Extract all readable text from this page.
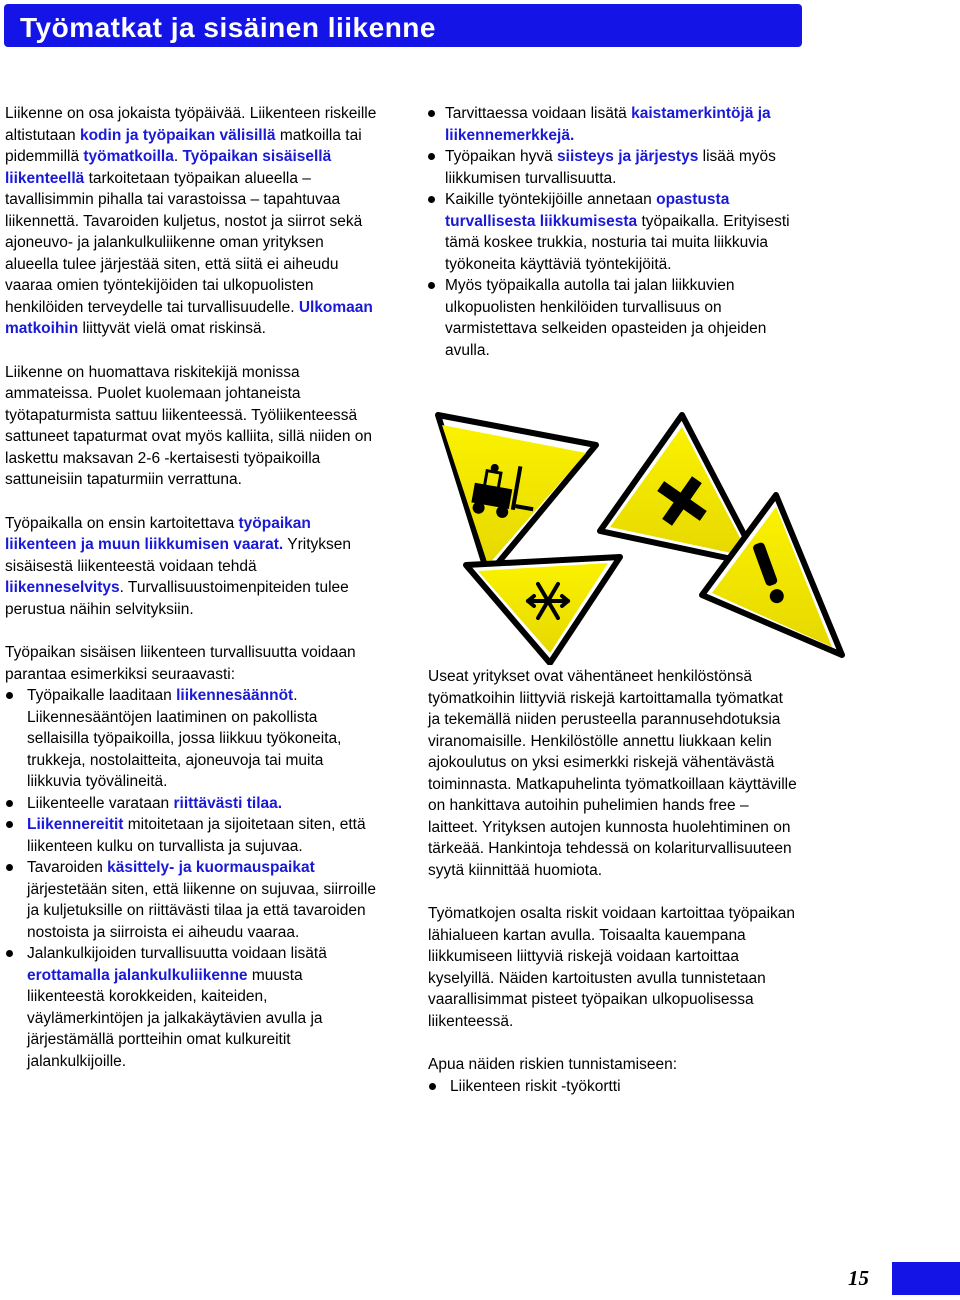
Työmatkat ja sisäinen liikenne

Liikenne on osa jokaista työpäivää. Liikenteen riskeille altistutaan kodin ja työpaikan välisillä matkoilla tai pidemmillä työmatkoilla. Työpaikan sisäisellä liikenteellä tarkoitetaan työpaikan alueella – tavallisimmin pihalla tai varastoissa – tapahtuvaa liikennettä. Tavaroiden kuljetus, nostot ja siirrot sekä ajoneuvo- ja jalankulkuliikenne oman yrityksen alueella tulee järjestää siten, että siitä ei aiheudu vaaraa omien työntekijöiden tai ulkopuolisten henkilöiden terveydelle tai turvallisuudelle. Ulkomaan matkoihin liittyvät vielä omat riskinsä.

Liikenne on huomattava riskitekijä monissa ammateissa. Puolet kuolemaan johtaneista työtapaturmista sattuu liikenteessä. Työliikenteessä sattuneet tapaturmat ovat myös kalliita, sillä niiden on laskettu maksavan 2-6 -kertaisesti työpaikoilla sattuneisiin tapaturmiin verrattuna.

Työpaikalla on ensin kartoitettava työpaikan liikenteen ja muun liikkumisen vaarat. Yrityksen sisäisestä liikenteestä voidaan tehdä liikenneselvitys. Turvallisuustoimenpiteiden tulee perustua näihin selvityksiin.

Työpaikan sisäisen liikenteen turvallisuutta voidaan parantaa esimerkiksi seuraavasti:

Työpaikalle laaditaan liikennesäännöt. Liikennesääntöjen laatiminen on pakollista sellaisilla työpaikoilla, jossa liikkuu työkoneita, trukkeja, nostolaitteita, ajoneuvoja tai muita liikkuvia työvälineitä.
Liikenteelle varataan riittävästi tilaa.
Liikennereitit mitoitetaan ja sijoitetaan siten, että liikenteen kulku on turvallista ja sujuvaa.
Tavaroiden käsittely- ja kuormauspaikat järjestetään siten, että liikenne on sujuvaa, siirroille ja kuljetuksille on riittävästi tilaa ja että tavaroiden nostoista ja siirroista ei aiheudu vaaraa.
Jalankulkijoiden turvallisuutta voidaan lisätä erottamalla jalankulkuliikenne muusta liikenteestä korokkeiden, kaiteiden, väylämerkintöjen ja jalkakäytävien avulla ja järjestämällä portteihin omat kulkureitit jalankulkijoille.
Tarvittaessa voidaan lisätä kaistamerkintöjä ja liikennemerkkejä.
Työpaikan hyvä siisteys ja järjestys lisää myös liikkumisen turvallisuutta.
Kaikille työntekijöille annetaan opastusta turvallisesta liikkumisesta työpaikalla. Erityisesti tämä koskee trukkia, nosturia tai muita liikkuvia työkoneita käyttäviä työntekijöitä.
Myös työpaikalla autolla tai jalan liikkuvien ulkopuolisten henkilöiden turvallisuus on varmistettava selkeiden opasteiden ja ohjeiden avulla.

Useat yritykset ovat vähentäneet henkilöstönsä työmatkoihin liittyviä riskejä kartoittamalla työmatkat ja tekemällä niiden perusteella parannusehdotuksia viranomaisille. Henkilöstölle annettu liukkaan kelin ajokoulutus on yksi esimerkki riskejä vähentävästä toiminnasta. Matkapuhelinta työmatkoillaan käyttäville on hankittava autoihin puhelimien hands free –laitteet. Yrityksen autojen kunnosta huolehtiminen on tärkeää. Hankintoja tehdessä on kolariturvallisuuteen syytä kiinnittää huomiota.

Työmatkojen osalta riskit voidaan kartoittaa työpaikan lähialueen kartan avulla. Toisaalta kauempana liikkumiseen liittyviä riskejä voidaan kartoittaa kyselyillä. Näiden kartoitusten avulla tunnistetaan vaarallisimmat pisteet työpaikan ulkopuolisessa liikenteessä.

Apua näiden riskien tunnistamiseen:

Liikenteen riskit -työkortti
15
